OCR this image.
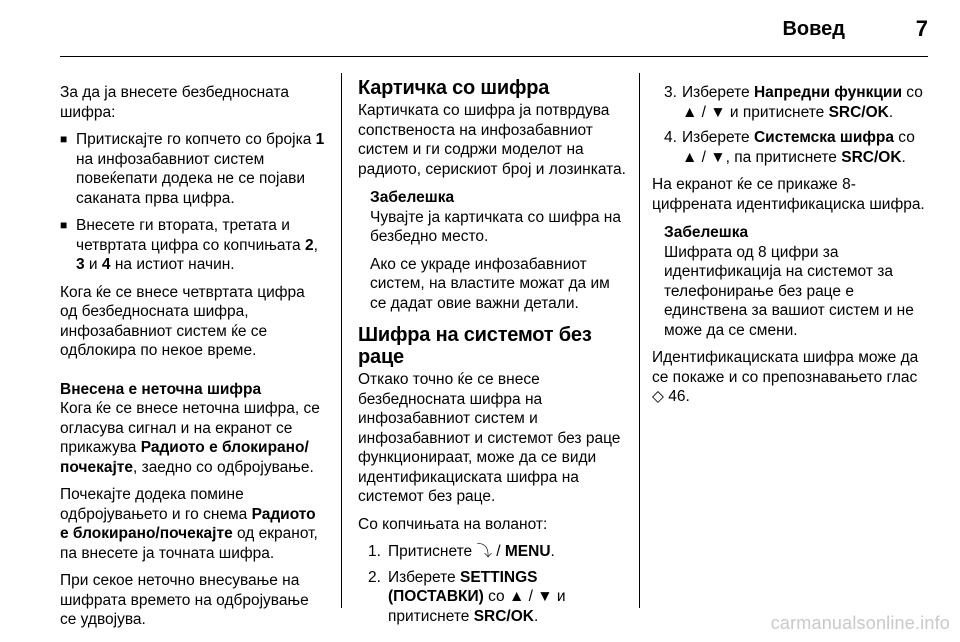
Вовед	7

За да ја внесете безбедносната шифра:

■ Притискајте го копчето со бројка 1 на инфозабавниот систем повеќепати додека не се појави саканата прва цифра.
■ Внесете ги втората, третата и четвртата цифра со копчињата 2, 3 и 4 на истиот начин.

Кога ќе се внесе четвртата цифра од безбедносната шифра, инфозабавниот систем ќе се одблокира по некое време.

Внесена е неточна шифра

Кога ќе се внесе неточна шифра, се огласува сигнал и на екранот се прикажува Радиото е блокирано/почекајте, заедно со одбројување.

Почекајте додека помине одбројувањето и го снема Радиото е блокирано/почекајте од екранот, па внесете ја точната шифра.

При секое неточно внесување на шифрата времето на одбројување се удвојува.

Картичка со шифра

Картичката со шифра ја потврдува сопственоста на инфозабавниот систем и ги содржи моделот на радиото, серискиот број и лозинката.

Забелешка

Чувајте ја картичката со шифра на безбедно место.

Ако се украде инфозабавниот систем, на властите можат да им се дадат овие важни детали.

Шифра на системот без раце

Откако точно ќе се внесе безбедносната шифра на инфозабавниот систем и инфозабавниот и системот без раце функционираат, може да се види идентификациската шифра на системот без раце.

Со копчињата на воланот:

1. Притиснете ⤵ / MENU.
2. Изберете SETTINGS (ПОСТАВКИ) со ▲ / ▼ и притиснете SRC/OK.
3. Изберете Напредни функции со ▲ / ▼ и притиснете SRC/OK.
4. Изберете Системска шифра со ▲ / ▼, па притиснете SRC/OK.

На екранот ќе се прикаже 8-цифрената идентификациска шифра.

Забелешка

Шифрата од 8 цифри за идентификација на системот за телефонирање без раце е единствена за вашиот систем и не може да се смени.

Идентификациската шифра може да се покаже и со препознавањето глас ◇ 46.

carmanualsonline.info
